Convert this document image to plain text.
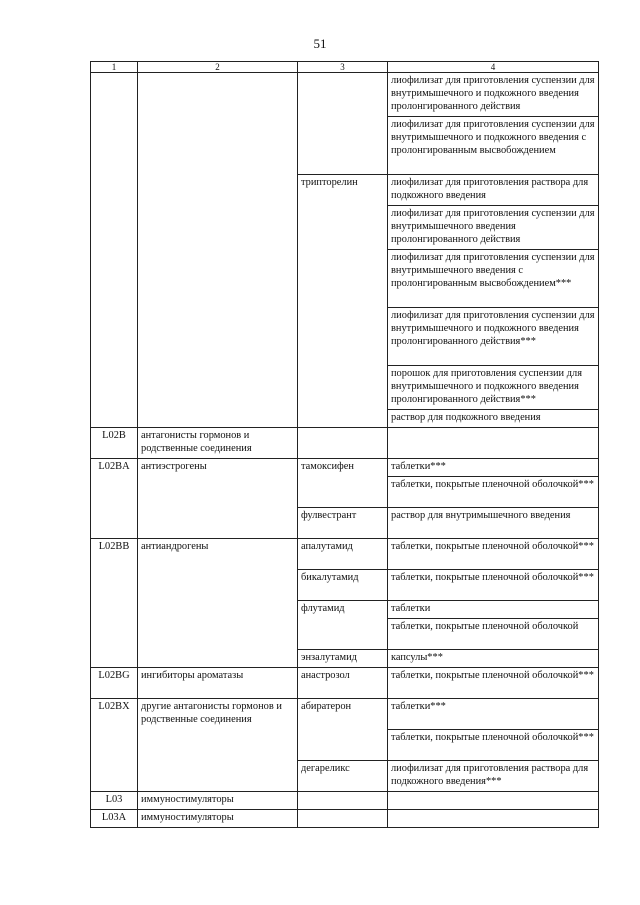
51
1	2	3	4
			лиофилизат для приготовления суспензии для внутримышечного и подкожного введения пролонгированного действия
			лиофилизат для приготовления суспензии для внутримышечного и подкожного введения с пролонгированным высвобождением
		трипторелин	лиофилизат для приготовления раствора для подкожного введения
			лиофилизат для приготовления суспензии для внутримышечного введения пролонгированного действия
			лиофилизат для приготовления суспензии для внутримышечного введения с пролонгированным высвобождением***
			лиофилизат для приготовления суспензии для внутримышечного и подкожного введения пролонгированного действия***
			порошок для приготовления суспензии для внутримышечного и подкожного введения пролонгированного действия***
			раствор для подкожного введения
L02B	антагонисты гормонов и родственные соединения		
L02BA	антиэстрогены	тамоксифен	таблетки***
			таблетки, покрытые пленочной оболочкой***
		фулвестрант	раствор для внутримышечного введения
L02BB	антиандрогены	апалутамид	таблетки, покрытые пленочной оболочкой***
		бикалутамид	таблетки, покрытые пленочной оболочкой***
		флутамид	таблетки
			таблетки, покрытые пленочной оболочкой
		энзалутамид	капсулы***
L02BG	ингибиторы ароматазы	анастрозол	таблетки, покрытые пленочной оболочкой***
L02BX	другие антагонисты гормонов и родственные соединения	абиратерон	таблетки***
			таблетки, покрытые пленочной оболочкой***
		дегареликс	лиофилизат для приготовления раствора для подкожного введения***
L03	иммуностимуляторы		
L03A	иммуностимуляторы		
